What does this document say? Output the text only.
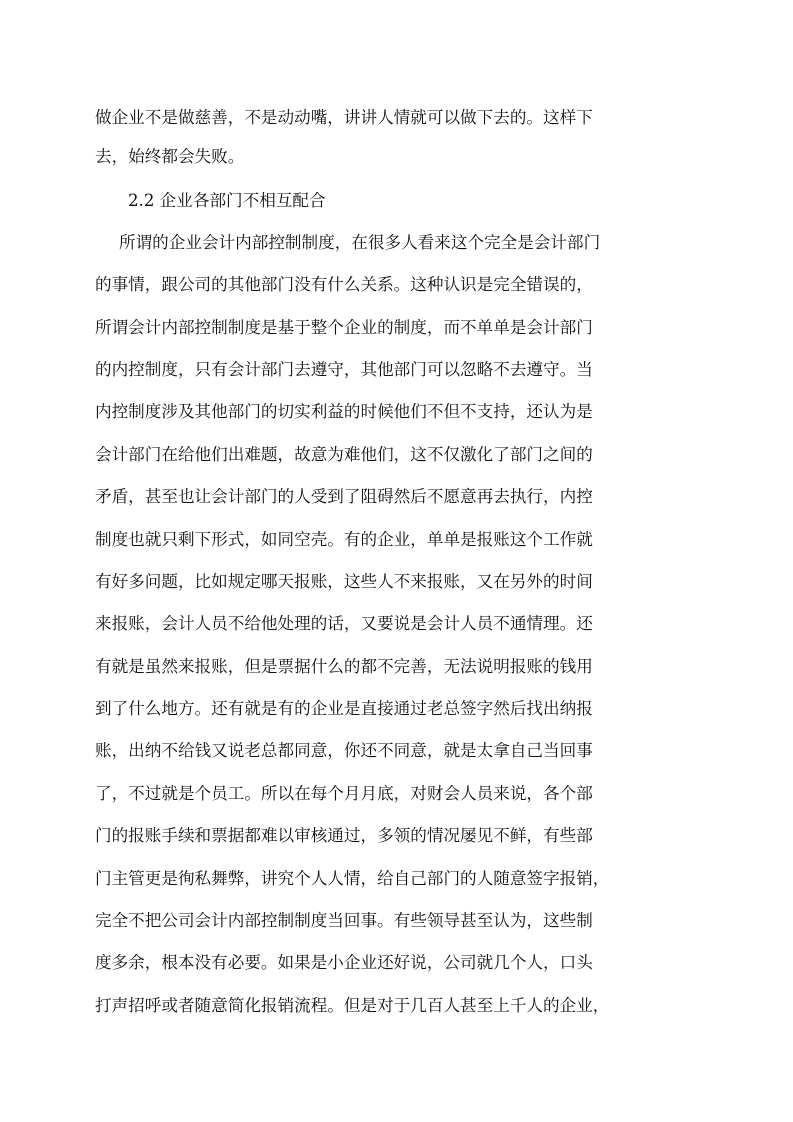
做企业不是做慈善，不是动动嘴，讲讲人情就可以做下去的。这样下
去，始终都会失败。
2.2 企业各部门不相互配合
所谓的企业会计内部控制制度，在很多人看来这个完全是会计部门
的事情，跟公司的其他部门没有什么关系。这种认识是完全错误的，
所谓会计内部控制制度是基于整个企业的制度，而不单单是会计部门
的内控制度，只有会计部门去遵守，其他部门可以忽略不去遵守。当
内控制度涉及其他部门的切实利益的时候他们不但不支持，还认为是
会计部门在给他们出难题，故意为难他们，这不仅激化了部门之间的
矛盾，甚至也让会计部门的人受到了阻碍然后不愿意再去执行，内控
制度也就只剩下形式，如同空壳。有的企业，单单是报账这个工作就
有好多问题，比如规定哪天报账，这些人不来报账，又在另外的时间
来报账，会计人员不给他处理的话，又要说是会计人员不通情理。还
有就是虽然来报账，但是票据什么的都不完善，无法说明报账的钱用
到了什么地方。还有就是有的企业是直接通过老总签字然后找出纳报
账，出纳不给钱又说老总都同意，你还不同意，就是太拿自己当回事
了，不过就是个员工。所以在每个月月底，对财会人员来说，各个部
门的报账手续和票据都难以审核通过，多领的情况屡见不鲜，有些部
门主管更是徇私舞弊，讲究个人人情，给自己部门的人随意签字报销，
完全不把公司会计内部控制制度当回事。有些领导甚至认为，这些制
度多余，根本没有必要。如果是小企业还好说，公司就几个人，口头
打声招呼或者随意简化报销流程。但是对于几百人甚至上千人的企业，
